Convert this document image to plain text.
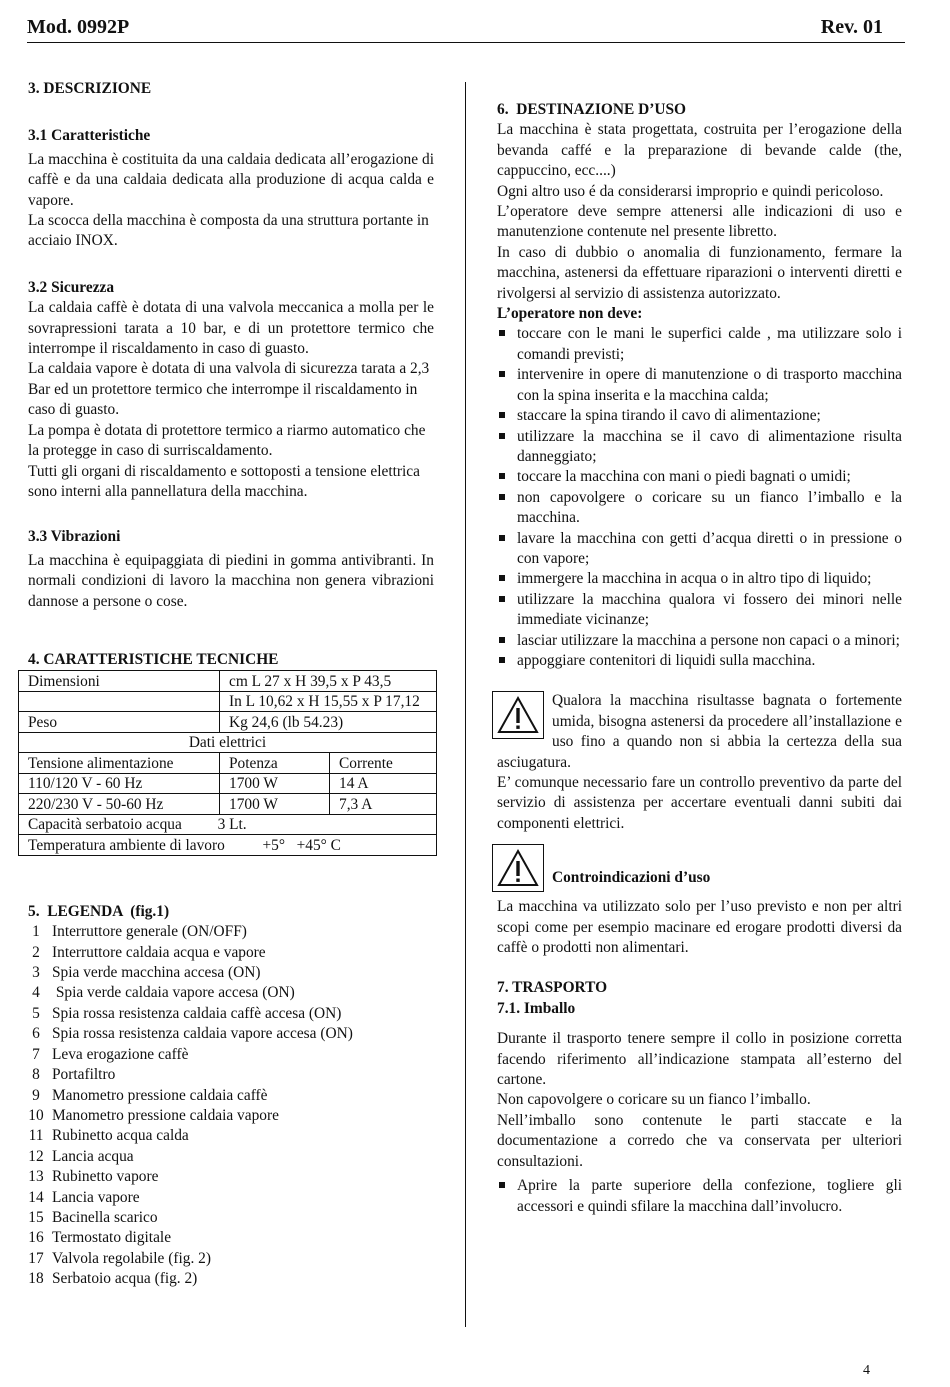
Mod. 0992P	Rev. 01

3. DESCRIZIONE

3.1 Caratteristiche

La macchina è costituita da una caldaia dedicata all’erogazione di caffè e da una caldaia dedicata alla produzione di acqua calda e vapore.

La scocca della macchina è composta da una struttura portante in acciaio INOX.

3.2 Sicurezza

La caldaia caffè è dotata di una valvola meccanica a molla per le sovrapressioni tarata a 10 bar, e di un protettore termico che interrompe il riscaldamento in caso di guasto.

La caldaia vapore è dotata di una valvola di sicurezza tarata a 2,3 Bar ed un protettore termico che interrompe il riscaldamento in caso di guasto.

La pompa è dotata di protettore termico a riarmo automatico che la protegge in caso di surriscaldamento.

Tutti gli organi di riscaldamento e sottoposti a tensione elettrica sono interni alla pannellatura della macchina.

3.3 Vibrazioni

La macchina è equipaggiata di piedini in gomma antivibranti. In normali condizioni di lavoro la macchina non genera vibrazioni dannose a persone o cose.

4. CARATTERISTICHE TECNICHE

Dimensioni	cm L 27 x H 39,5 x P 43,5	
	In L 10,62 x H 15,55 x P 17,12	
Peso	Kg 24,6 (lb 54.23)	
Dati elettrici		
Tensione alimentazione	Potenza	Corrente
110/120 V - 60 Hz	1700 W	14 A
220/230 V - 50-60 Hz	1700 W	7,3 A
Capacità serbatoio acqua 3 Lt.		
Temperatura ambiente di lavoro +5°   +45° C		

5.  LEGENDA  (fig.1)

1 Interruttore generale (ON/OFF)
2 Interruttore caldaia acqua e vapore
3 Spia verde macchina accesa (ON)
4 Spia verde caldaia vapore accesa (ON)
5 Spia rossa resistenza caldaia caffè accesa (ON)
6 Spia rossa resistenza caldaia vapore accesa (ON)
7 Leva erogazione caffè
8 Portafiltro
9 Manometro pressione caldaia caffè
10 Manometro pressione caldaia vapore
11 Rubinetto acqua calda
12 Lancia acqua
13 Rubinetto vapore
14 Lancia vapore
15 Bacinella scarico
16 Termostato digitale
17 Valvola regolabile (fig. 2)
18 Serbatoio acqua (fig. 2)

6.  DESTINAZIONE D’USO

La macchina è stata progettata, costruita per l’erogazione della bevanda caffé e la preparazione di bevande calde (the, cappuccino, ecc....)

Ogni altro uso é da considerarsi improprio e quindi pericoloso.

L’operatore deve sempre attenersi alle indicazioni di uso e manutenzione contenute nel presente libretto.

In caso di dubbio o anomalia di funzionamento, fermare la macchina, astenersi da effettuare riparazioni o interventi diretti e rivolgersi al servizio di assistenza autorizzato.

L’operatore non deve:

toccare con le mani le superfici calde , ma utilizzare solo i comandi previsti;
intervenire in opere di manutenzione o di trasporto macchina con la spina inserita e la macchina calda;
staccare la spina tirando il cavo di alimentazione;
utilizzare la macchina se il cavo di alimentazione risulta danneggiato;
toccare la macchina con mani o piedi bagnati o umidi;
non capovolgere o coricare su un fianco l’imballo e la macchina.
lavare la macchina con getti d’acqua diretti o in pressione o con vapore;
immergere la macchina in acqua o in altro tipo di liquido;
utilizzare la macchina qualora vi fossero dei minori nelle immediate vicinanze;
lasciar utilizzare la macchina a persone non capaci o a minori;
appoggiare contenitori di liquidi sulla macchina.

Qualora la macchina risultasse bagnata o fortemente umida, bisogna astenersi da procedere all’installazione e uso fino a quando non si abbia la certezza della sua asciugatura.

E’ comunque necessario fare un controllo preventivo da parte del servizio di assistenza per accertare eventuali danni subiti dai componenti elettrici.

Controindicazioni d’uso

La macchina va utilizzato solo per l’uso previsto e non per altri scopi come per esempio macinare ed erogare prodotti diversi da caffè o prodotti non alimentari.

7. TRASPORTO

7.1. Imballo

Durante il trasporto tenere sempre il collo in posizione corretta facendo riferimento all’indicazione stampata all’esterno del cartone.

Non capovolgere o coricare su un fianco l’imballo.

Nell’imballo sono contenute le parti staccate e la documentazione a corredo che va conservata per ulteriori consultazioni.

Aprire la parte superiore della confezione, togliere gli accessori e quindi sfilare la macchina dall’involucro.
4
